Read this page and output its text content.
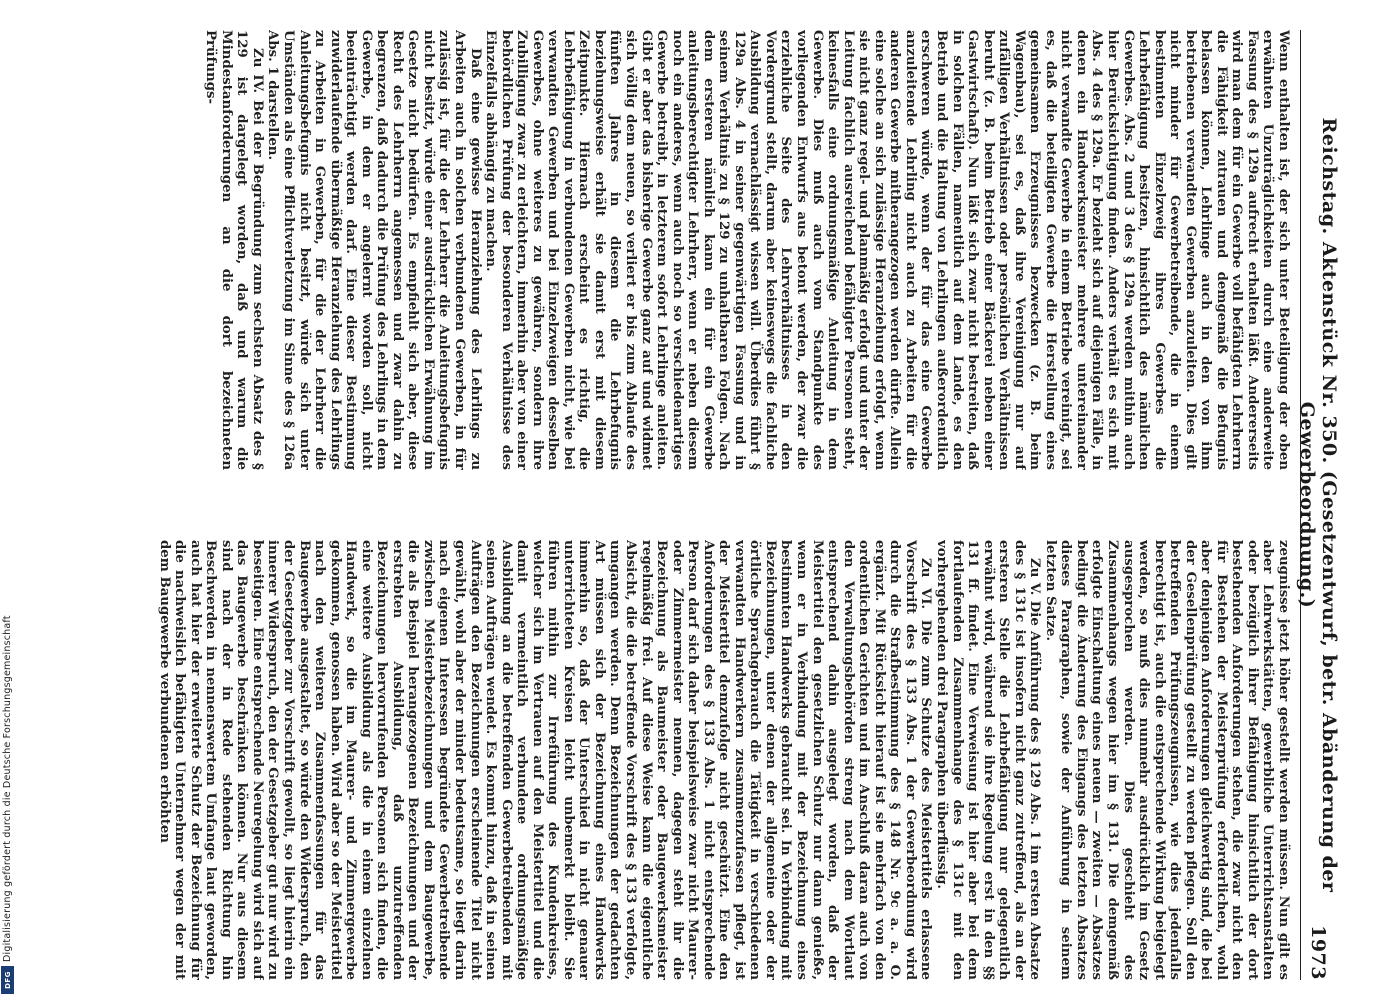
Reichstag. Aktenstück Nr. 350. (Gesetzentwurf, betr. Abänderung der Gewerbeordnung.)
1973

Wenn enthalten ist, der sich unter Beteiligung der oben erwähnten Unzuträglichkeiten durch eine anderweite Fassung des § 129a aufrecht erhalten läßt. Andererseits wird man dem für ein Gewerbe voll befähigten Lehrherrn die Fähigkeit zutrauen und demgemäß die Befugnis belassen können, Lehrlinge auch in den von ihm betriebenen verwandten Gewerben anzuleiten. Dies gilt nicht minder für Gewerbetreibende, die in einem bestimmten Einzelzweig ihres Gewerbes die Lehrbefähigung besitzen, hinsichtlich des nämlichen Gewerbes. Abs. 2 und 3 des § 129a werden mithin auch hier Berücksichtigung finden. Anders verhält es sich mit Abs. 4 des § 129a. Er bezieht sich auf diejenigen Fälle, in denen ein Handwerksmeister mehrere untereinander nicht verwandte Gewerbe in einem Betriebe vereinigt, sei es, daß die beteiligten Gewerbe die Herstellung eines gemeinsamen Erzeugnisses bezwecken (z. B. beim Wagenbau), sei es, daß ihre Vereinigung nur auf zufälligen Verhältnissen oder persönlichen Verhältnissen beruht (z. B. beim Betrieb einer Bäckerei neben einer Gastwirtschaft). Nun läßt sich zwar nicht bestreiten, daß in solchen Fällen, namentlich auf dem Lande, es den Betrieb und die Haltung von Lehrlingen außerordentlich erschweren würde, wenn der für das eine Gewerbe anzuleitende Lehrling nicht auch zu Arbeiten für die anderen Gewerbe mitherangezogen werden dürfte. Allein eine solche an sich zulässige Heranziehung erfolgt, wenn sie nicht ganz regel- und planmäßig erfolgt und unter der Leitung fachlich ausreichend befähigter Personen steht, keinesfalls eine ordnungsmäßige Anleitung in dem Gewerbe. Dies muß auch vom Standpunkte des vorliegenden Entwurfs aus betont werden, der zwar die erziehliche Seite des Lehrverhältnisses in den Vordergrund stellt, darum aber keineswegs die fachliche Ausbildung vernachlässigt wissen will. Überdies führt § 129a Abs. 4 in seiner gegenwärtigen Fassung und in seinem Verhältnis zu § 129 zu unhaltbaren Folgen. Nach dem ersteren nämlich kann ein für ein Gewerbe anleitungsberechtigter Lehrherr, wenn er neben diesem noch ein anderes, wenn auch noch so verschiedenartiges Gewerbe betreibt, in letzterem sofort Lehrlinge anleiten. Gibt er aber das bisherige Gewerbe ganz auf und widmet sich völlig dem neuen, so verliert er bis zum Ablaufe des fünften Jahres in diesem die Lehrbefugnis beziehungsweise erhält sie damit erst mit diesem Zeitpunkte. Hiernach erscheint es richtig, die Lehrbefähigung in verbundenen Gewerben nicht, wie bei verwandten Gewerben und bei Einzelzweigen desselben Gewerbes, ohne weiteres zu gewähren, sondern ihre Zubilligung zwar zu erleichtern, immerhin aber von einer behördlichen Prüfung der besonderen Verhältnisse des Einzelfalls abhängig zu machen.

Daß eine gewisse Heranziehung des Lehrlings zu Arbeiten auch in solchen verbundenen Gewerben, in für zulässig ist, für die der Lehrherr die Anleitungsbefugnis nicht besitzt, würde einer ausdrücklichen Erwähnung im Gesetze nicht bedürfen. Es empfiehlt sich aber, diese Recht des Lehrherrn angemessen und zwar dahin zu begrenzen, daß dadurch die Prüfung des Lehrlings in dem Gewerbe, in dem er angelernt worden soll, nicht beeinträchtigt werden darf. Eine dieser Bestimmung zuwiderlaufende übermäßige Heranziehung des Lehrlings zu Arbeiten in Gewerben, für die der Lehrherr die Anleitungsbefugnis nicht besitzt, würde sich unter Umständen als eine Pflichtverletzung im Sinne des § 126a Abs. 1 darstellen.

Zu IV. Bei der Begründung zum sechsten Absatz des § 129 ist dargelegt worden, daß und warum die Mindestanforderungen an die dort bezeichneten Prüfungs-

zeugnisse jetzt höher gestellt werden müssen. Nun gilt es aber Lehrwerkstätten, gewerbliche Unterrichtsanstalten oder bezüglich ihrer Befähigung hinsichtlich der dort bestehenden Anforderungen stehen, die zwar nicht den für Bestehen der Meisterprüfung erforderlichen, wohl aber denjenigen Anforderungen gleichwertig sind, die bei der Gesellenprüfung gestellt zu werden pflegen. Soll den betreffenden Prüfungszeugnissen, wie dies jedenfalls berechtigt ist, auch die entsprechende Wirkung beigelegt werden, so muß dies nunmehr ausdrücklich im Gesetz ausgesprochen werden. Dies geschieht des Zusammenhangs wegen hier im § 131. Die demgemäß erfolgte Einschaltung eines neuen — zweiten — Absatzes bedingt die Änderung des Eingangs des letzten Absatzes dieses Paragraphen, sowie der Anführung in seinem letzten Satze.

Zu V. Die Anführung des § 129 Abs. 1 im ersten Absatze des § 131c ist insofern nicht ganz zutreffend, als an der ersteren Stelle die Lehrbefähigung nur gelegentlich erwähnt wird, während sie ihre Regelung erst in den §§ 131 ff. findet. Eine Verweisung ist hier aber bei dem fortlaufenden Zusammenhange des § 131c mit den vorhergehenden drei Paragraphen überflüssig.

Zu VI. Die zum Schutze des Meistertitels erlassene Vorschrift des § 133 Abs. 1 der Gewerbeordnung wird durch die Strafbestimmung des § 148 Nr. 9c a. a. O. ergänzt. Mit Rücksicht hierauf ist sie mehrfach von den ordentlichen Gerichten und im Anschluß daran auch von den Verwaltungsbehörden streng nach dem Wortlaut entsprechend dahin ausgelegt worden, daß der Meistertitel den gesetzlichen Schutz nur dann genieße, wenn er in Verbindung mit der Bezeichnung eines bestimmten Handwerks gebraucht sei. In Verbindung mit Bezeichnungen, unter denen der allgemeine oder der örtliche Sprachgebrauch die Tätigkeit in verschiedenen verwandten Handwerkern zusammenzufassen pflegt, ist der Meistertitel demzufolge nicht geschützt. Eine den Anforderungen des § 133 Abs. 1 nicht entsprechende Person darf sich daher beispielsweise zwar nicht Maurer- oder Zimmermeister nennen, dagegen steht ihr die Bezeichnung als Baumeister oder Baugewerksmeister regelmäßig frei. Auf diese Weise kann die eigentliche Absicht, die die betreffende Vorschrift des § 133 verfolgte, umgangen werden. Denn Bezeichnungen der gedachten Art müssen sich der Bezeichnung eines Handwerks immerhin so, daß der Unterschied in nicht genauer unterrichteten Kreisen leicht unbemerkt bleibt. Sie führen mithin zur Irreführung des Kundenkreises, welcher sich im Vertrauen auf den Meistertitel und die damit vermeintlich verbundene ordnungsmäßige Ausbildung an die betreffenden Gewerbetreibenden mit seinen Aufträgen wendet. Es kommt hinzu, daß in seinen Aufträgen den Bezeichnungen erscheinende Titel nicht gewählt, wohl aber der minder bedeutsame, so liegt darin nach eigenen Interessen begründete Gewerbetreibende zwischen Meisterbezeichnungen und dem Baugewerbe, die als Beispiel herangezogenen Bezeichnungen und der erstrebten Ausbildung, daß unzutreffenden Bezeichnungen hervorrufenden Personen sich finden, die eine weitere Ausbildung als die in einem einzelnen Handwerk, so die im Maurer- und Zimmergewerbe gekommen, genossen haben. Wird aber so der Meistertitel nach den weiteren Zusammenfassungen für das Baugewerbe ausgestaltet, so würde den Widerspruch, den der Gesetzgeber zur Vorschrift gewollt, so liegt hierin ein innerer Widerspruch, den der Gesetzgeber gut nur wird zu beseitigen. Eine entsprechende Neuregelung wird sich auf das Baugewerbe beschränken können. Nur aus diesem sind nach der in Rede stehenden Richtung hin Beschwerden in nennenswertem Umfange laut geworden, auch hat hier der erweiterte Schutz der Bezeichnung für die nachweislich befähigten Unternehmer wegen der mit dem Baugewerbe verbundenen erhöhten

Digitalisierung gefördert durch die Deutsche Forschungsgemeinschaft
DFG
